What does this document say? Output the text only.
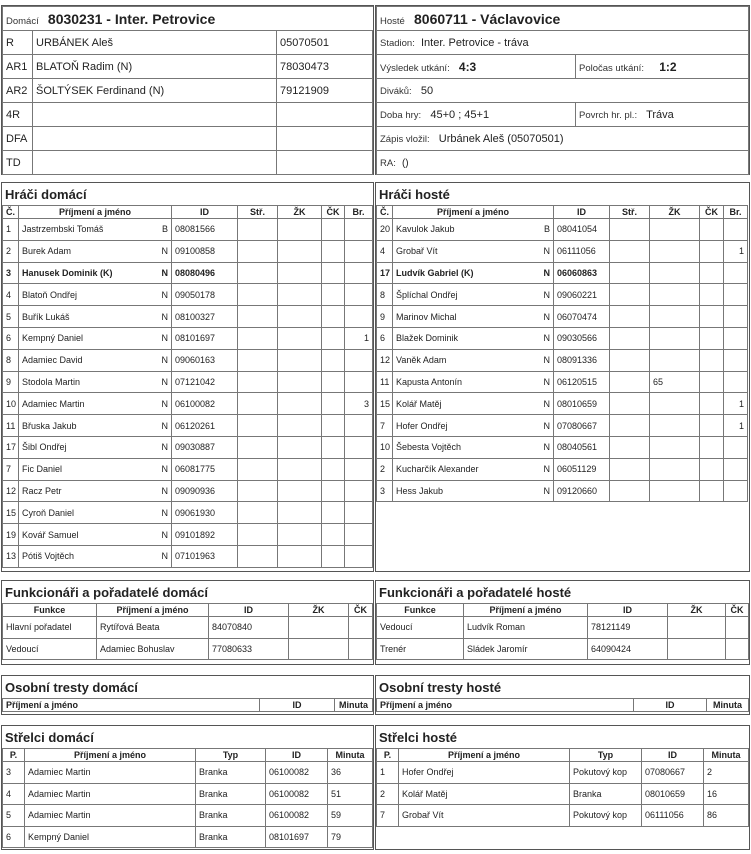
Domácí 8030231 - Inter. Petrovice		
R	URBÁNEK Aleš	05070501
AR1	BLATOŇ Radim (N)	78030473
AR2	ŠOLTÝSEK Ferdinand (N)	79121909
4R		
DFA		
TD		
Hosté 8060711 - Václavovice	
Stadion: Inter. Petrovice - tráva	
Výsledek utkání: 4:3	Poločas utkání: 1:2
Diváků: 50	
Doba hry: 45+0 ; 45+1	Povrch hr. pl.: Tráva
Zápis vložil: Urbánek Aleš (05070501)	
RA: ()	
Hráči domácí
Č.	Příjmení a jméno	ID	Stř.	ŽK	ČK	Br.
1	Jastrzembski Tomáš B	08081566				
2	Burek Adam N	09100858				
3	Hanusek Dominik (K) N	08080496				
4	Blatoň Ondřej N	09050178				
5	Buřík Lukáš N	08100327				
6	Kempný Daniel N	08101697				1
8	Adamiec David N	09060163				
9	Stodola Martin N	07121042				
10	Adamiec Martin N	06100082				3
11	Břuska Jakub N	06120261				
17	Šibl Ondřej N	09030887				
7	Fic Daniel N	06081775				
12	Racz Petr N	09090936				
15	Cyroň Daniel N	09061930				
19	Kovář Samuel N	09101892				
13	Pótiš Vojtěch N	07101963				
Hráči hosté
Č.	Příjmení a jméno	ID	Stř.	ŽK	ČK	Br.
20	Kavulok Jakub B	08041054				
4	Grobař Vít N	06111056				1
17	Ludvík Gabriel (K) N	06060863				
8	Šplíchal Ondřej N	09060221				
9	Marinov Michal N	06070474				
6	Blažek Dominik N	09030566				
12	Vaněk Adam N	08091336				
11	Kapusta Antonín N	06120515		65		
15	Kolář Matěj N	08010659				1
7	Hofer Ondřej N	07080667				1
10	Šebesta Vojtěch N	08040561				
2	Kucharčík Alexander N	06051129				
3	Hess Jakub N	09120660				
Funkcionáři a pořadatelé domácí
Funkce	Příjmení a jméno	ID	ŽK	ČK
Hlavní pořadatel	Rytířová Beata	84070840		
Vedoucí	Adamiec Bohuslav	77080633		
Funkcionáři a pořadatelé hosté
Funkce	Příjmení a jméno	ID	ŽK	ČK
Vedoucí	Ludvík Roman	78121149		
Trenér	Sládek Jaromír	64090424		
Osobní tresty domácí
Příjmení a jméno	ID	Minuta
Osobní tresty hosté
Příjmení a jméno	ID	Minuta
Střelci domácí
P.	Příjmení a jméno	Typ	ID	Minuta
3	Adamiec Martin	Branka	06100082	36
4	Adamiec Martin	Branka	06100082	51
5	Adamiec Martin	Branka	06100082	59
6	Kempný Daniel	Branka	08101697	79
Střelci hosté
P.	Příjmení a jméno	Typ	ID	Minuta
1	Hofer Ondřej	Pokutový kop	07080667	2
2	Kolář Matěj	Branka	08010659	16
7	Grobař Vít	Pokutový kop	06111056	86
